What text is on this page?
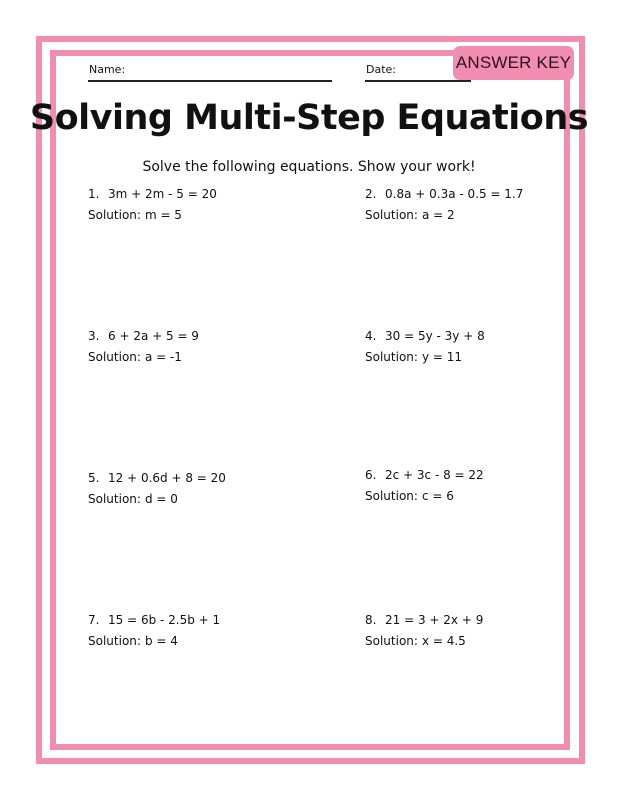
ANSWER KEY
Name:	Date:
Solving Multi-Step Equations
Solve the following equations. Show your work!
1. 3m + 2m - 5 = 20
Solution: m = 5
2. 0.8a + 0.3a - 0.5 = 1.7
Solution: a = 2
3. 6 + 2a + 5 = 9
Solution: a = -1
4. 30 = 5y - 3y + 8
Solution: y = 11
5. 12 + 0.6d + 8 = 20
Solution: d = 0
6. 2c + 3c - 8 = 22
Solution: c = 6
7. 15 = 6b - 2.5b + 1
Solution: b = 4
8. 21 = 3 + 2x + 9
Solution: x = 4.5
